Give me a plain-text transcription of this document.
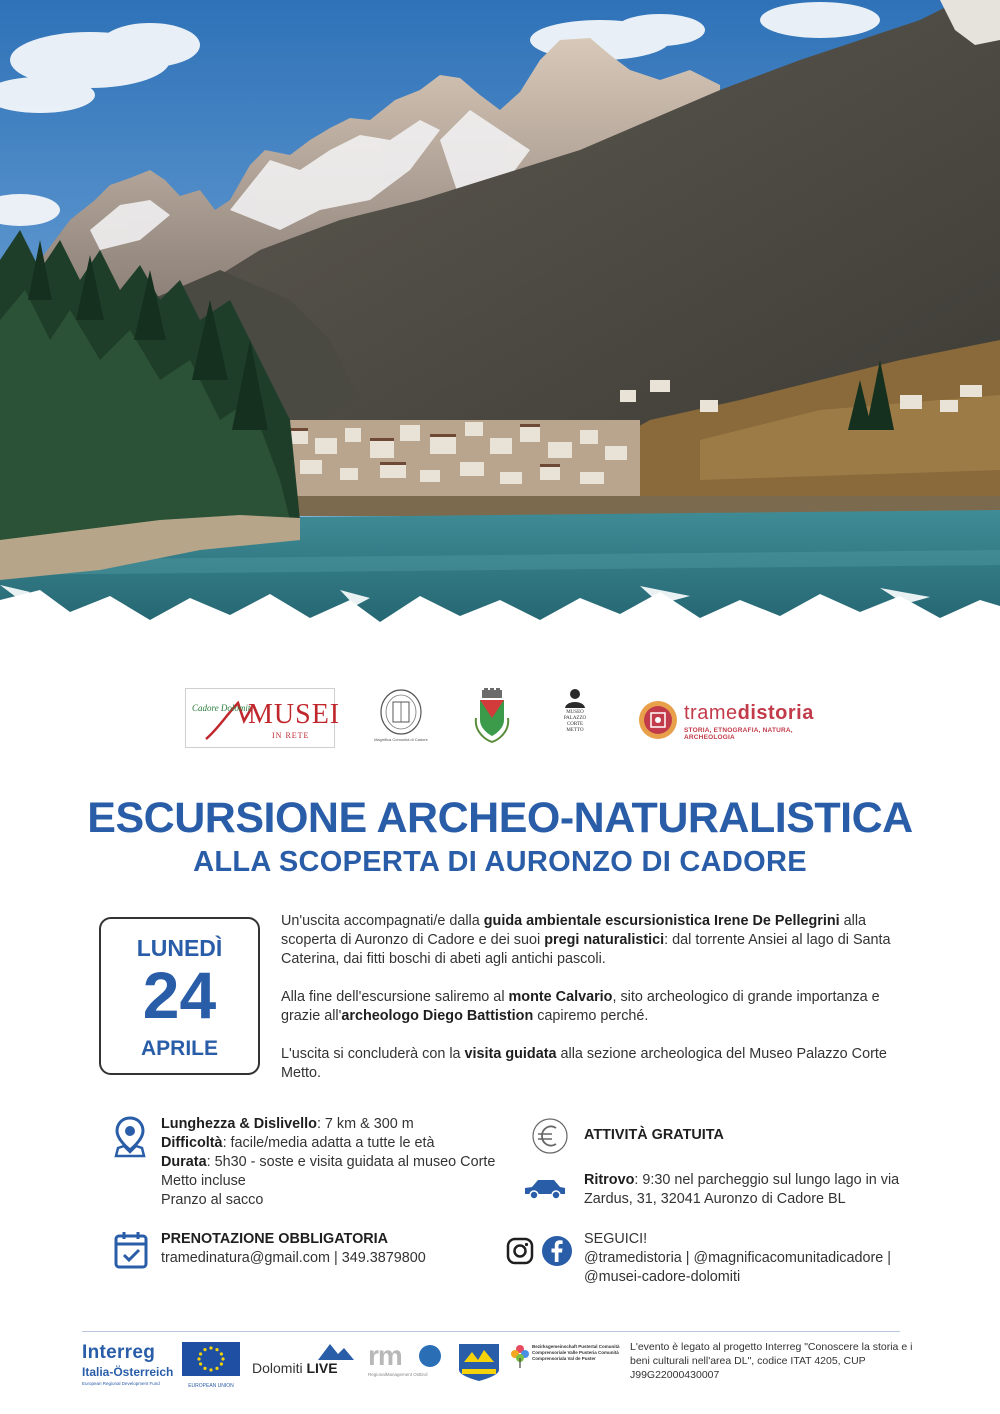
Cadore Dolomiti
MUSEI
IN RETE	Magnifica Comunità di Cadore
MUSEO PALAZZO CORTE METTO
tramedistoria
STORIA, ETNOGRAFIA, NATURA, ARCHEOLOGIA
ESCURSIONE ARCHEO-NATURALISTICA
ALLA SCOPERTA DI AURONZO DI CADORE
LUNEDÌ
24
APRILE

Un'uscita accompagnati/e dalla guida ambientale escursionistica Irene De Pellegrini alla scoperta di Auronzo di Cadore e dei suoi pregi naturalistici: dal torrente Ansiei al lago di Santa Caterina, dai fitti boschi di abeti agli antichi pascoli.

Alla fine dell'escursione saliremo al monte Calvario, sito archeologico di grande importanza e grazie all'archeologo Diego Battistion capiremo perché.

L'uscita si concluderà con la visita guidata alla sezione archeologica del Museo Palazzo Corte Metto.

Lunghezza & Dislivello: 7 km & 300 m
Difficoltà: facile/media adatta a tutte le età
Durata: 5h30 - soste e visita guidata al museo Corte Metto incluse
Pranzo al sacco
ATTIVITÀ GRATUITA
Ritrovo: 9:30 nel parcheggio sul lungo lago in via Zardus, 31, 32041 Auronzo di Cadore BL
PRENOTAZIONE OBBLIGATORIA
tramedinatura@gmail.com | 349.3879800
SEGUICI!
@tramedistoria | @magnificacomunitadicadore | @musei-cadore-dolomiti
Interreg
Italia-Österreich
European Regional Development Fund	EUROPEAN UNION
Dolomiti LIVE rm
RegionalManagement Osttirol
Bezirksgemeinschaft Pustertal Comunità Comprensoriale Valle Pusteria Comunità Comprensoriala Val de Puster
L'evento è legato al progetto Interreg "Conoscere la storia e i beni culturali nell'area DL", codice ITAT 4205, CUP J99G22000430007
